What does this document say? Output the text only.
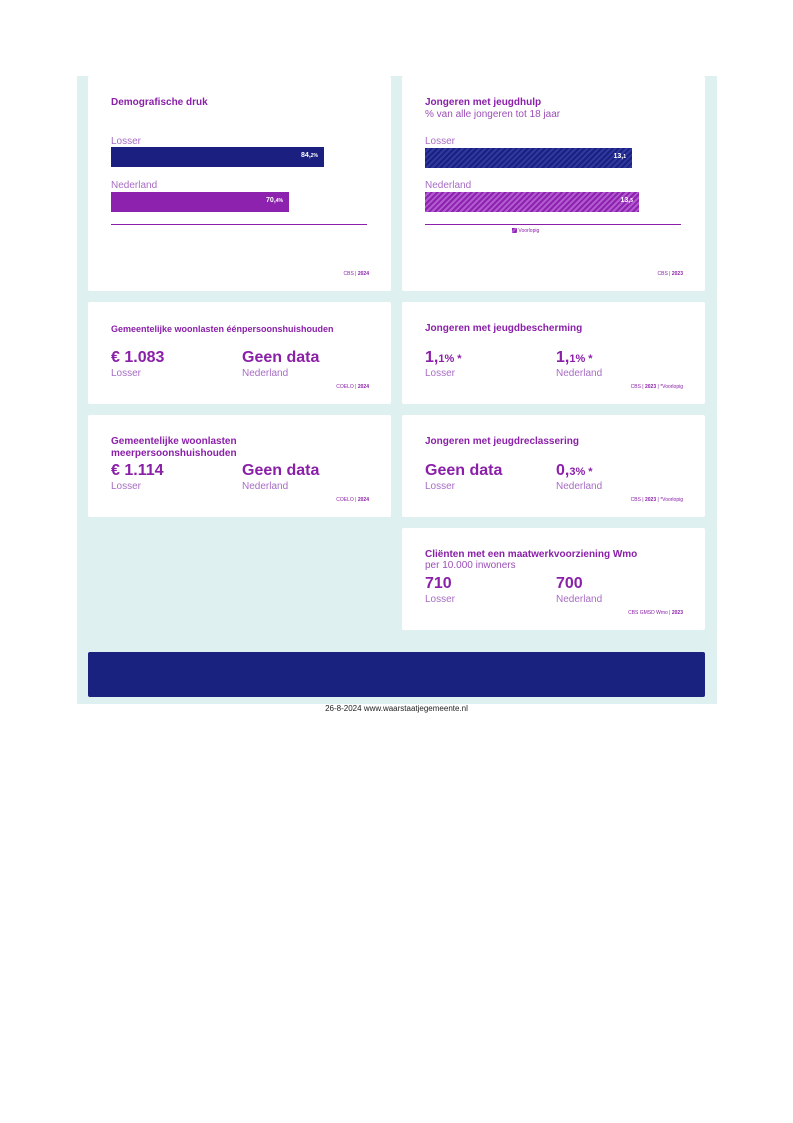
Demografische druk
Losser
84,2%
Nederland
70,4%
CBS | 2024
Jongeren met jeugdhulp
% van alle jongeren tot 18 jaar
Losser
13,1
Nederland
13,5
Voorlopig
CBS | 2023
Gemeentelijke woonlasten éénpersoonshuishouden
€ 1.083
Losser
Geen data
Nederland
COELO | 2024
Jongeren met jeugdbescherming
1,1% *
Losser
1,1% *
Nederland
CBS | 2023 | *Voorlopig
Gemeentelijke woonlasten
meerpersoonshuishouden
€ 1.114
Losser
Geen data
Nederland
COELO | 2024
Jongeren met jeugdreclassering
Geen data
Losser
0,3% *
Nederland
CBS | 2023 | *Voorlopig
Cliënten met een maatwerkvoorziening Wmo
per 10.000 inwoners
710
Losser
700
Nederland
CBS GMSD Wmo | 2023
26-8-2024 www.waarstaatjegemeente.nl
